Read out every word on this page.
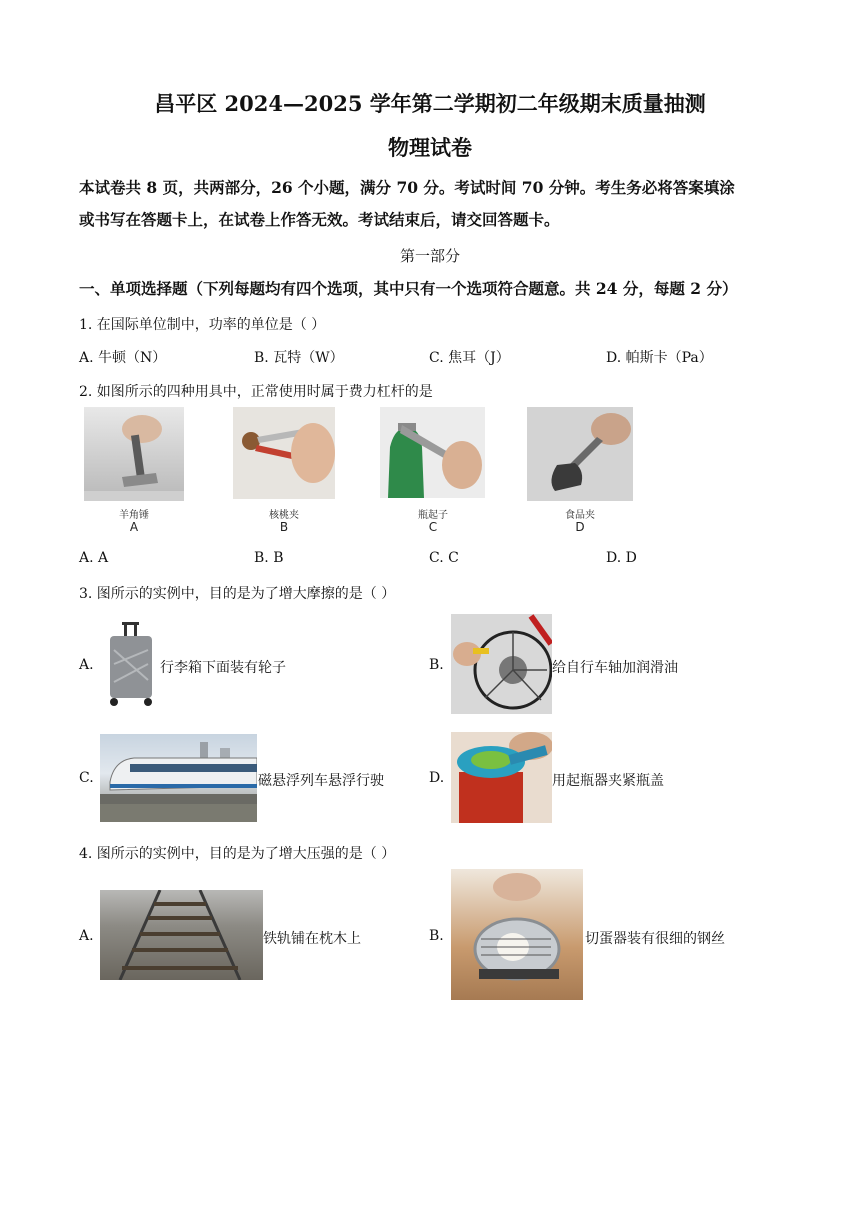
昌平区 2024—2025 学年第二学期初二年级期末质量抽测
物理试卷
本试卷共 8 页，共两部分，26 个小题，满分 70 分。考试时间 70 分钟。考生务必将答案填涂
或书写在答题卡上，在试卷上作答无效。考试结束后，请交回答题卡。
第一部分
一、单项选择题（下列每题均有四个选项，其中只有一个选项符合题意。共 24 分，每题 2 分）
1. 在国际单位制中，功率的单位是（ ）
A. 牛顿（N）	B. 瓦特（W）	C. 焦耳（J）	D. 帕斯卡（Pa）
2. 如图所示的四种用具中，正常使用时属于费力杠杆的是
羊角锤
A
核桃夹
B
瓶起子
C
食品夹
D
A. A	B. B	C. C	D. D
3. 图所示的实例中，目的是为了增大摩擦的是（ ）
A.	行李箱下面装有轮子	B.	给自行车轴加润滑油
C.	磁悬浮列车悬浮行驶	D.	用起瓶器夹紧瓶盖
4. 图所示的实例中，目的是为了增大压强的是（ ）
A.	铁轨铺在枕木上	B.	切蛋器装有很细的钢丝
